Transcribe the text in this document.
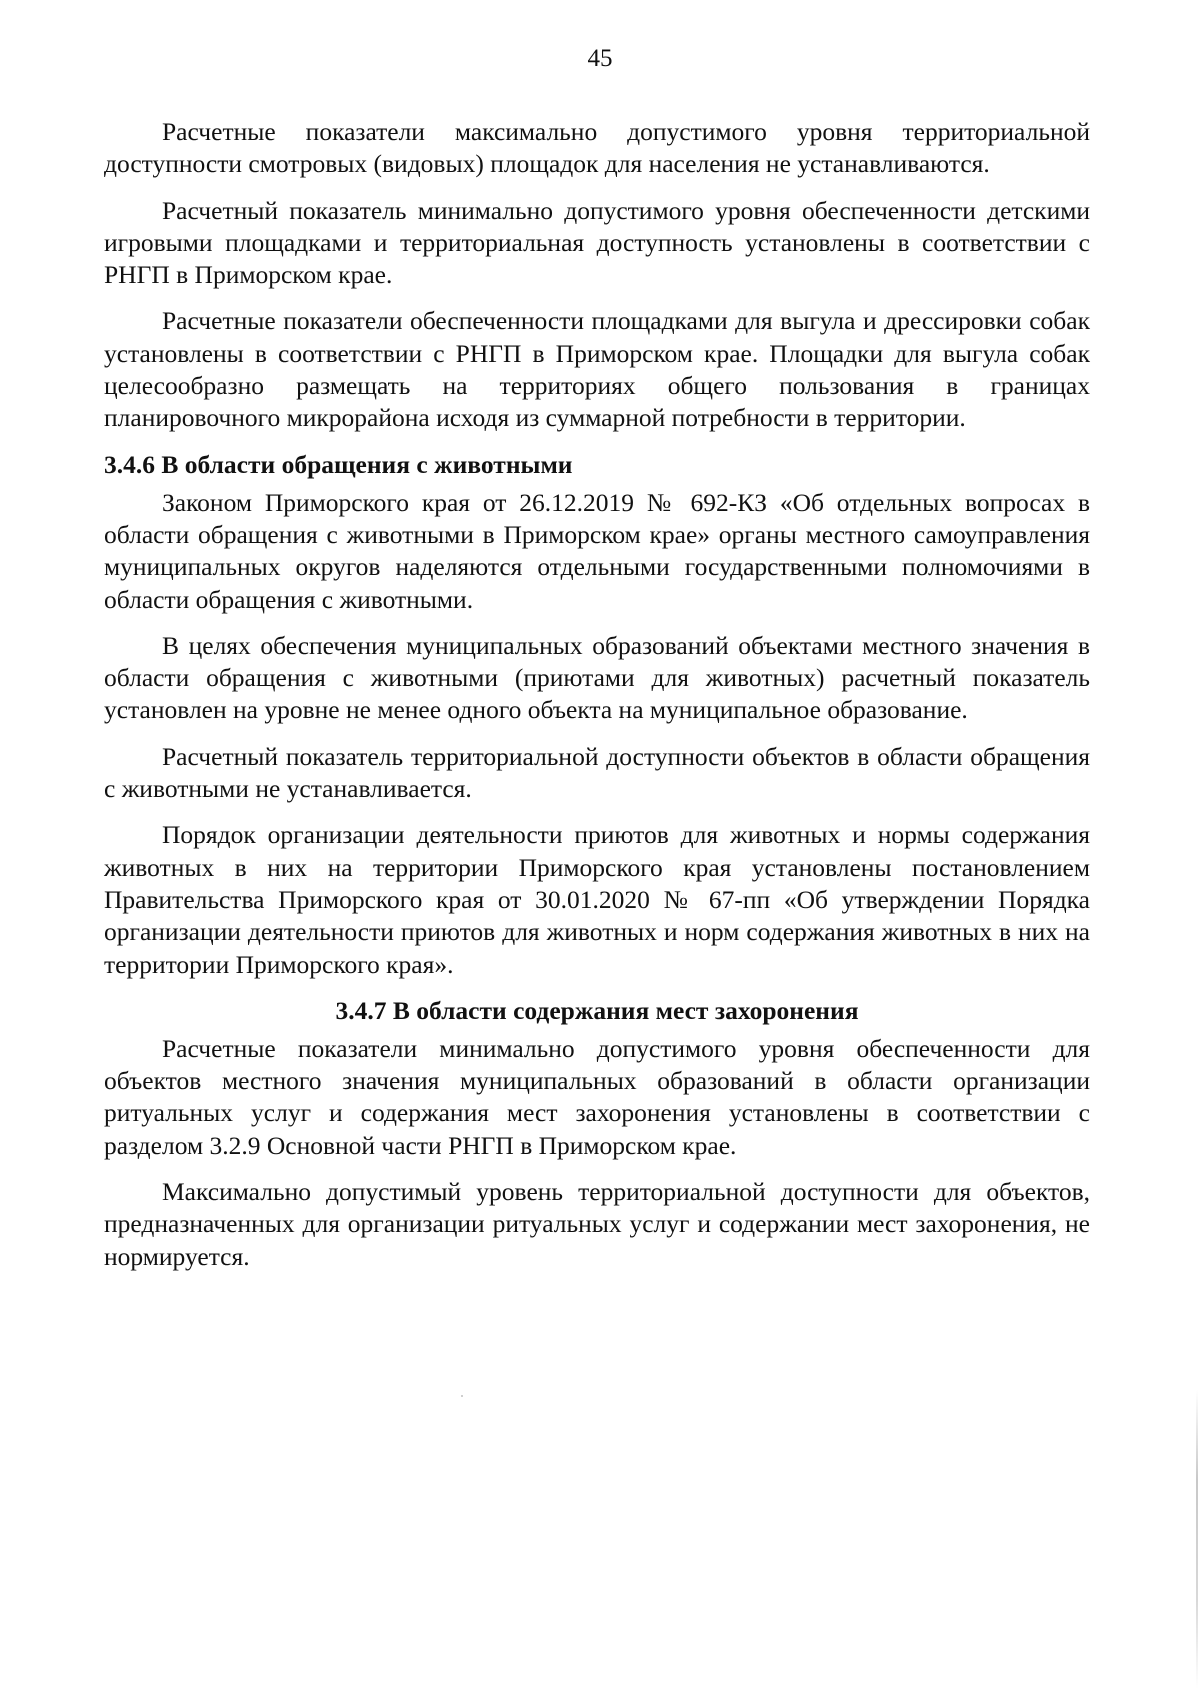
45

Расчетные показатели максимально допустимого уровня территориальной доступности смотровых (видовых) площадок для населения не устанавливаются.

Расчетный показатель минимально допустимого уровня обеспеченности детскими игровыми площадками и территориальная доступность установлены в соответствии с РНГП в Приморском крае.

Расчетные показатели обеспеченности площадками для выгула и дрессировки собак установлены в соответствии с РНГП в Приморском крае. Площадки для выгула собак целесообразно размещать на территориях общего пользования в границах планировочного микрорайона исходя из суммарной потребности в территории.

3.4.6 В области обращения с животными

Законом Приморского края от 26.12.2019 № 692-КЗ «Об отдельных вопросах в области обращения с животными в Приморском крае» органы местного самоуправления муниципальных округов наделяются отдельными государственными полномочиями в области обращения с животными.

В целях обеспечения муниципальных образований объектами местного значения в области обращения с животными (приютами для животных) расчетный показатель установлен на уровне не менее одного объекта на муниципальное образование.

Расчетный показатель территориальной доступности объектов в области обращения с животными не устанавливается.

Порядок организации деятельности приютов для животных и нормы содержания животных в них на территории Приморского края установлены постановлением Правительства Приморского края от 30.01.2020 № 67-пп «Об утверждении Порядка организации деятельности приютов для животных и норм содержания животных в них на территории Приморского края».

3.4.7 В области содержания мест захоронения

Расчетные показатели минимально допустимого уровня обеспеченности для объектов местного значения муниципальных образований в области организации ритуальных услуг и содержания мест захоронения установлены в соответствии с разделом 3.2.9 Основной части РНГП в Приморском крае.

Максимально допустимый уровень территориальной доступности для объектов, предназначенных для организации ритуальных услуг и содержании мест захоронения, не нормируется.
